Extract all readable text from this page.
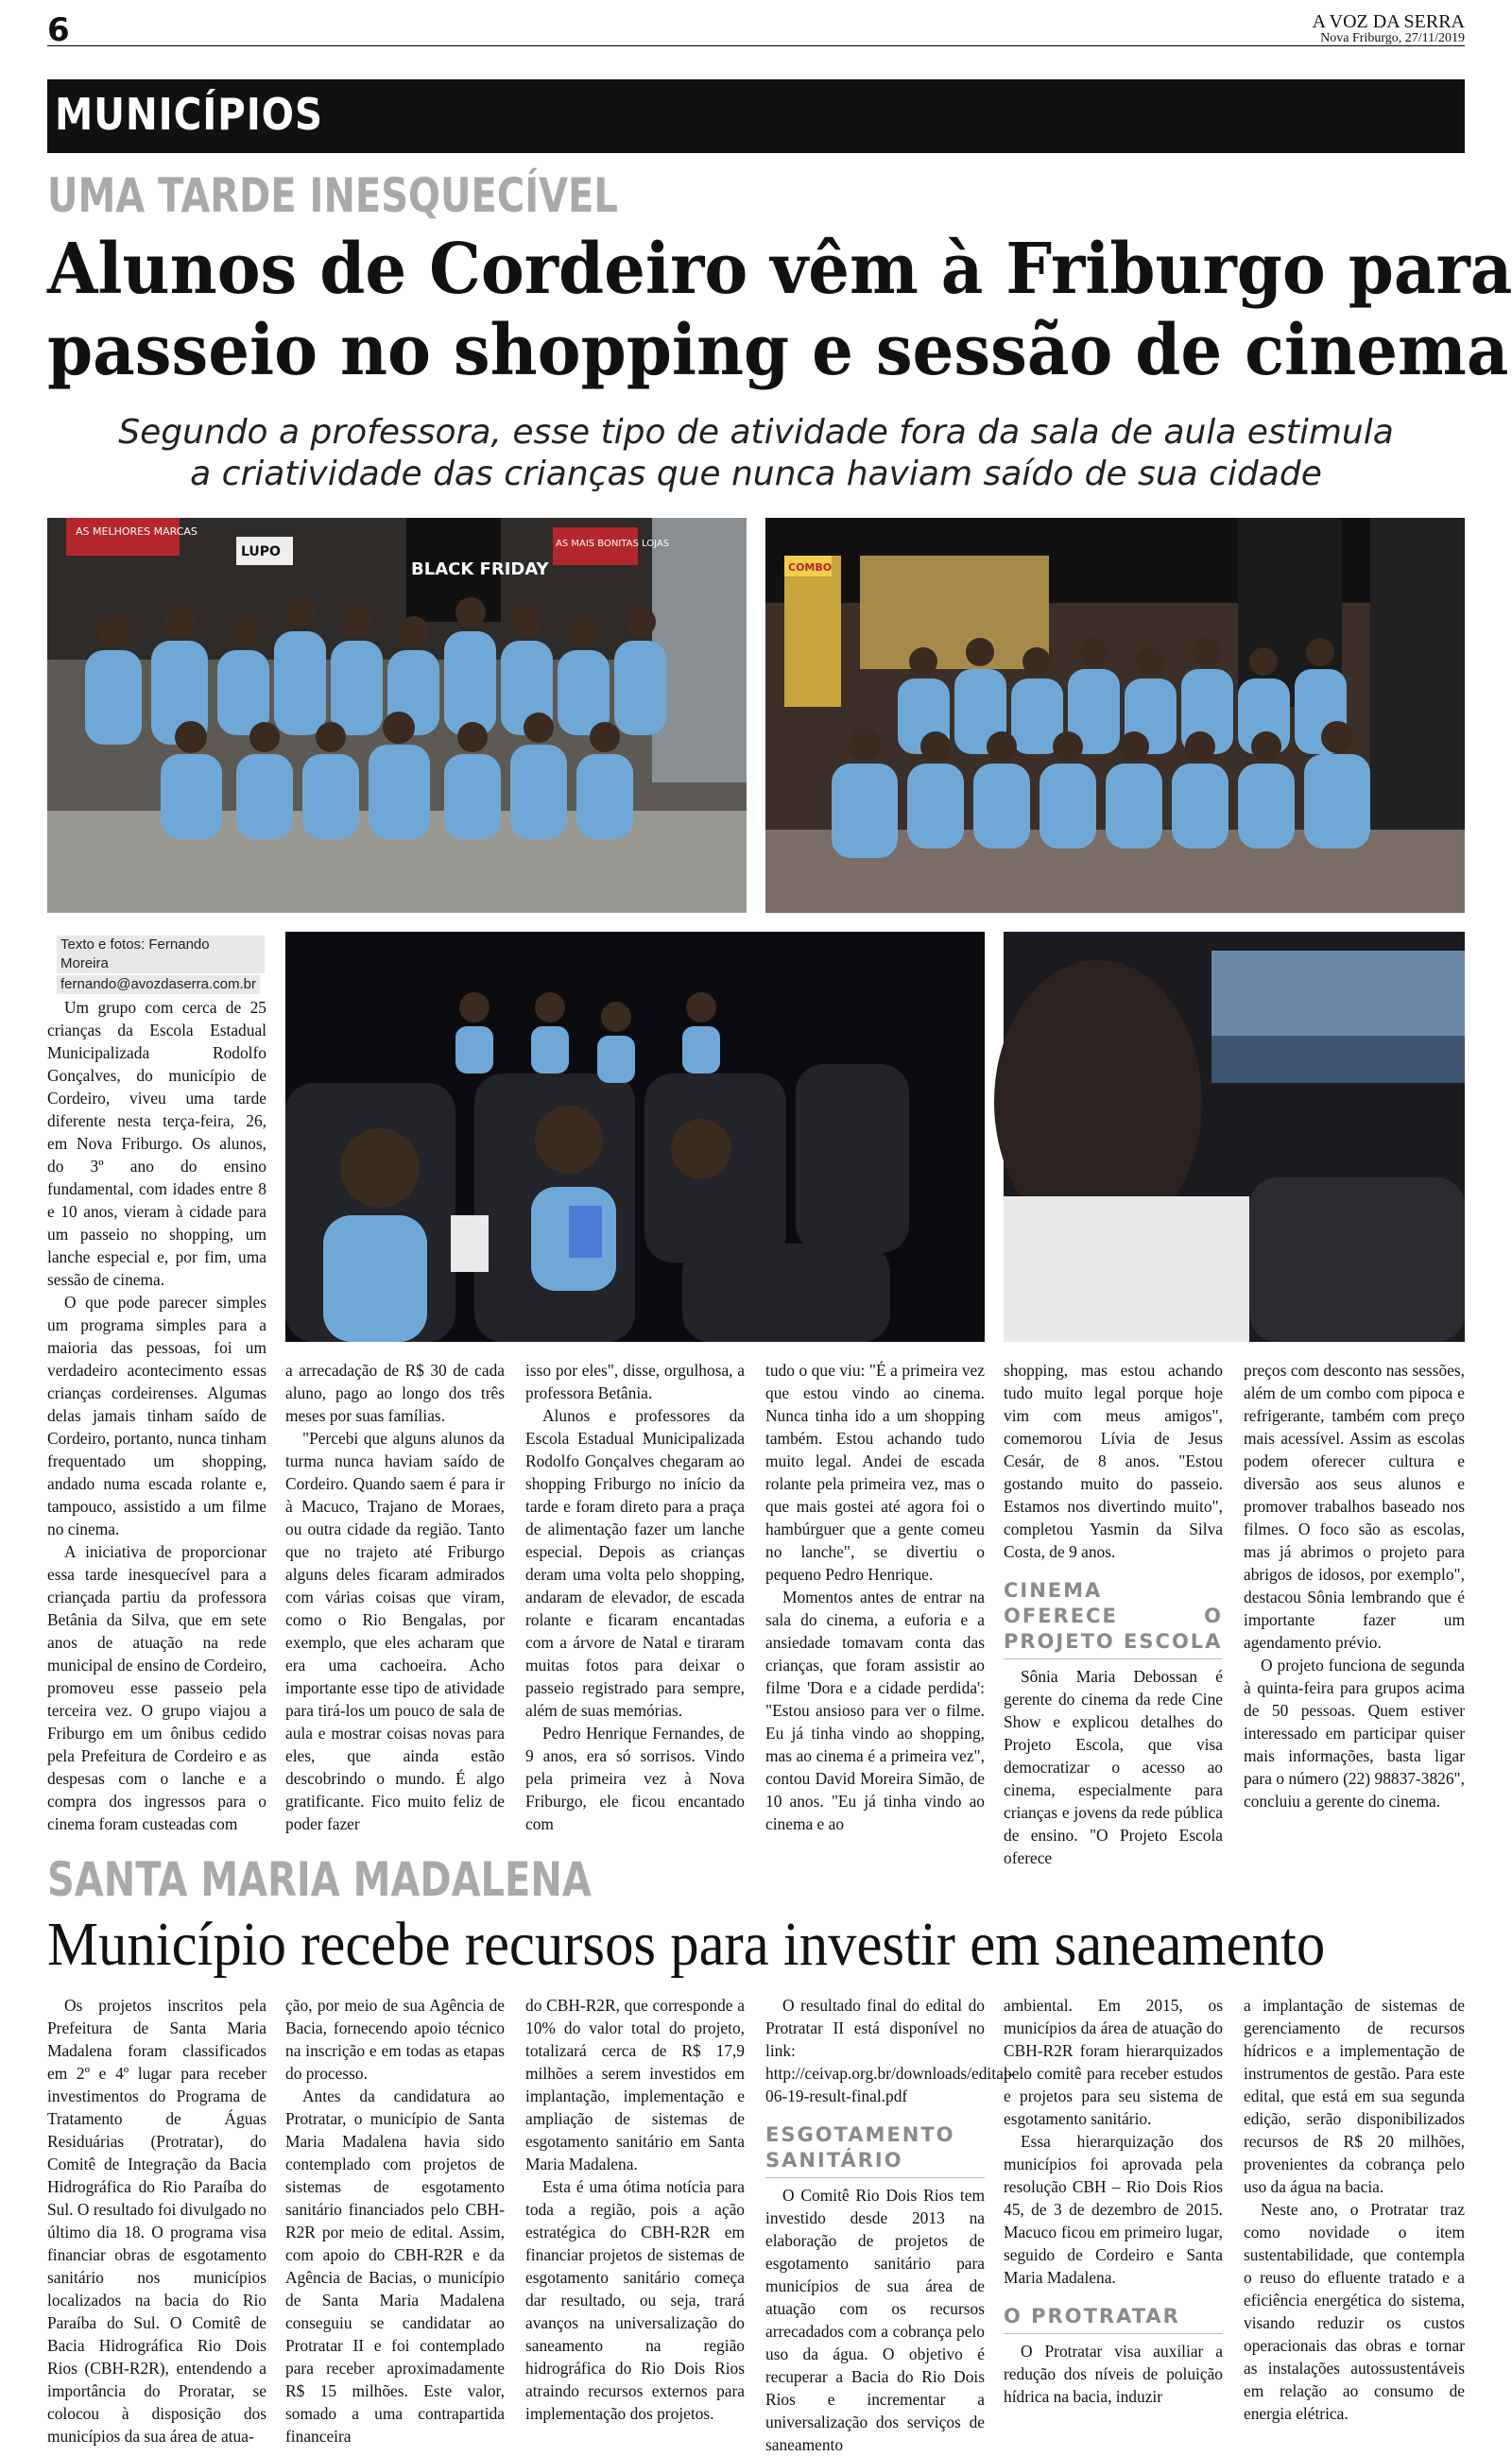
6	A VOZ DA SERRA
Nova Friburgo, 27/11/2019
MUNICÍPIOS
UMA TARDE INESQUECÍVEL
Alunos de Cordeiro vêm à Friburgo para
passeio no shopping e sessão de cinema
Segundo a professora, esse tipo de atividade fora da sala de aula estimula
a criatividade das crianças que nunca haviam saído de sua cidade
AS MELHORES MARCAS
LUPO
BLACK FRIDAY
AS MAIS BONITAS LOJAS
COMBO
Texto e fotos: Fernando Moreira fernando@avozdaserra.com.br

Um grupo com cerca de 25 crianças da Escola Estadual Municipalizada Rodolfo Gonçalves, do município de Cordeiro, viveu uma tarde diferente nesta terça-feira, 26, em Nova Friburgo. Os alunos, do 3º ano do ensino fundamental, com idades entre 8 e 10 anos, vieram à cidade para um passeio no shopping, um lanche especial e, por fim, uma sessão de cinema.

O que pode parecer simples um programa simples para a maioria das pessoas, foi um verdadeiro acontecimento essas crianças cordeirenses. Algumas delas jamais tinham saído de Cordeiro, portanto, nunca tinham frequentado um shopping, andado numa escada rolante e, tampouco, assistido a um filme no cinema.

A iniciativa de proporcionar essa tarde inesquecível para a criançada partiu da professora Betânia da Silva, que em sete anos de atuação na rede municipal de ensino de Cordeiro, promoveu esse passeio pela terceira vez. O grupo viajou a Friburgo em um ônibus cedido pela Prefeitura de Cordeiro e as despesas com o lanche e a compra dos ingressos para o cinema foram custeadas com

a arrecadação de R$ 30 de cada aluno, pago ao longo dos três meses por suas famílias.

"Percebi que alguns alunos da turma nunca haviam saído de Cordeiro. Quando saem é para ir à Macuco, Trajano de Moraes, ou outra cidade da região. Tanto que no trajeto até Friburgo alguns deles ficaram admirados com várias coisas que viram, como o Rio Bengalas, por exemplo, que eles acharam que era uma cachoeira. Acho importante esse tipo de atividade para tirá-los um pouco de sala de aula e mostrar coisas novas para eles, que ainda estão descobrindo o mundo. É algo gratificante. Fico muito feliz de poder fazer

isso por eles", disse, orgulhosa, a professora Betânia.

Alunos e professores da Escola Estadual Municipalizada Rodolfo Gonçalves chegaram ao shopping Friburgo no início da tarde e foram direto para a praça de alimentação fazer um lanche especial. Depois as crianças deram uma volta pelo shopping, andaram de elevador, de escada rolante e ficaram encantadas com a árvore de Natal e tiraram muitas fotos para deixar o passeio registrado para sempre, além de suas memórias.

Pedro Henrique Fernandes, de 9 anos, era só sorrisos. Vindo pela primeira vez à Nova Friburgo, ele ficou encantado com

tudo o que viu: "É a primeira vez que estou vindo ao cinema. Nunca tinha ido a um shopping também. Estou achando tudo muito legal. Andei de escada rolante pela primeira vez, mas o que mais gostei até agora foi o hambúrguer que a gente comeu no lanche", se divertiu o pequeno Pedro Henrique.

Momentos antes de entrar na sala do cinema, a euforia e a ansiedade tomavam conta das crianças, que foram assistir ao filme 'Dora e a cidade perdida': "Estou ansioso para ver o filme. Eu já tinha vindo ao shopping, mas ao cinema é a primeira vez", contou David Moreira Simão, de 10 anos. "Eu já tinha vindo ao cinema e ao

shopping, mas estou achando tudo muito legal porque hoje vim com meus amigos", comemorou Lívia de Jesus Cesár, de 8 anos. "Estou gostando muito do passeio. Estamos nos divertindo muito", completou Yasmin da Silva Costa, de 9 anos.

CINEMA OFERECE O PROJETO ESCOLA

Sônia Maria Debossan é gerente do cinema da rede Cine Show e explicou detalhes do Projeto Escola, que visa democratizar o acesso ao cinema, especialmente para crianças e jovens da rede pública de ensino. "O Projeto Escola oferece

preços com desconto nas sessões, além de um combo com pipoca e refrigerante, também com preço mais acessível. Assim as escolas podem oferecer cultura e diversão aos seus alunos e promover trabalhos baseado nos filmes. O foco são as escolas, mas já abrimos o projeto para abrigos de idosos, por exemplo", destacou Sônia lembrando que é importante fazer um agendamento prévio.

O projeto funciona de segunda à quinta-feira para grupos acima de 50 pessoas. Quem estiver interessado em participar quiser mais informações, basta ligar para o número (22) 98837-3826", concluiu a gerente do cinema.

SANTA MARIA MADALENA
Município recebe recursos para investir em saneamento

Os projetos inscritos pela Prefeitura de Santa Maria Madalena foram classificados em 2º e 4º lugar para receber investimentos do Programa de Tratamento de Águas Residuárias (Protratar), do Comitê de Integração da Bacia Hidrográfica do Rio Paraíba do Sul. O resultado foi divulgado no último dia 18. O programa visa financiar obras de esgotamento sanitário nos municípios localizados na bacia do Rio Paraíba do Sul. O Comitê de Bacia Hidrográfica Rio Dois Rios (CBH-R2R), entendendo a importância do Proratar, se colocou à disposição dos municípios da sua área de atua-

ção, por meio de sua Agência de Bacia, fornecendo apoio técnico na inscrição e em todas as etapas do processo.

Antes da candidatura ao Protratar, o município de Santa Maria Madalena havia sido contemplado com projetos de sistemas de esgotamento sanitário financiados pelo CBH-R2R por meio de edital. Assim, com apoio do CBH-R2R e da Agência de Bacias, o município de Santa Maria Madalena conseguiu se candidatar ao Protratar II e foi contemplado para receber aproximadamente R$ 15 milhões. Este valor, somado a uma contrapartida financeira

do CBH-R2R, que corresponde a 10% do valor total do projeto, totalizará cerca de R$ 17,9 milhões a serem investidos em implantação, implementação e ampliação de sistemas de esgotamento sanitário em Santa Maria Madalena.

Esta é uma ótima notícia para toda a região, pois a ação estratégica do CBH-R2R em financiar projetos de sistemas de esgotamento sanitário começa dar resultado, ou seja, trará avanços na universalização do saneamento na região hidrográfica do Rio Dois Rios atraindo recursos externos para implementação dos projetos.

O resultado final do edital do Protratar II está disponível no link: http://ceivap.org.br/downloads/edital-06-19-result-final.pdf

ESGOTAMENTO SANITÁRIO

O Comitê Rio Dois Rios tem investido desde 2013 na elaboração de projetos de esgotamento sanitário para municípios de sua área de atuação com os recursos arrecadados com a cobrança pelo uso da água. O objetivo é recuperar a Bacia do Rio Dois Rios e incrementar a universalização dos serviços de saneamento

ambiental. Em 2015, os municípios da área de atuação do CBH-R2R foram hierarquizados pelo comitê para receber estudos e projetos para seu sistema de esgotamento sanitário.

Essa hierarquização dos municípios foi aprovada pela resolução CBH – Rio Dois Rios 45, de 3 de dezembro de 2015. Macuco ficou em primeiro lugar, seguido de Cordeiro e Santa Maria Madalena.

O PROTRATAR

O Protratar visa auxiliar a redução dos níveis de poluição hídrica na bacia, induzir

a implantação de sistemas de gerenciamento de recursos hídricos e a implementação de instrumentos de gestão. Para este edital, que está em sua segunda edição, serão disponibilizados recursos de R$ 20 milhões, provenientes da cobrança pelo uso da água na bacia.

Neste ano, o Protratar traz como novidade o item sustentabilidade, que contempla o reuso do efluente tratado e a eficiência energética do sistema, visando reduzir os custos operacionais das obras e tornar as instalações autossustentáveis em relação ao consumo de energia elétrica.
